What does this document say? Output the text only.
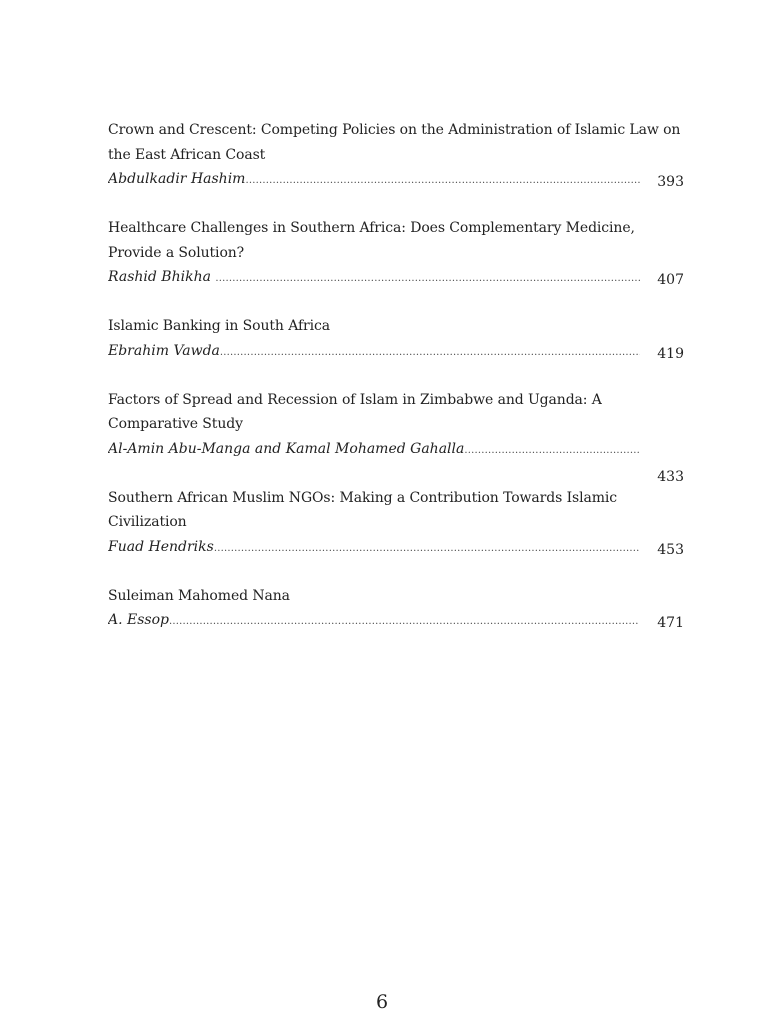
Crown and Crescent: Competing Policies on the Administration of Islamic Law on
the East African Coast
Abdulkadir Hashim .....	393
Healthcare Challenges in Southern Africa: Does Complementary Medicine,
Provide a Solution?
Rashid Bhikha .....	407
Islamic Banking in South Africa
Ebrahim Vawda .....	419
Factors of Spread and Recession of Islam in Zimbabwe and Uganda: A
Comparative Study
Al-Amin Abu-Manga and Kamal Mohamed Gahalla .....
433
Southern African Muslim NGOs: Making a Contribution Towards Islamic
Civilization
Fuad Hendriks .....	453
Suleiman Mahomed Nana
A. Essop .....	471
6
